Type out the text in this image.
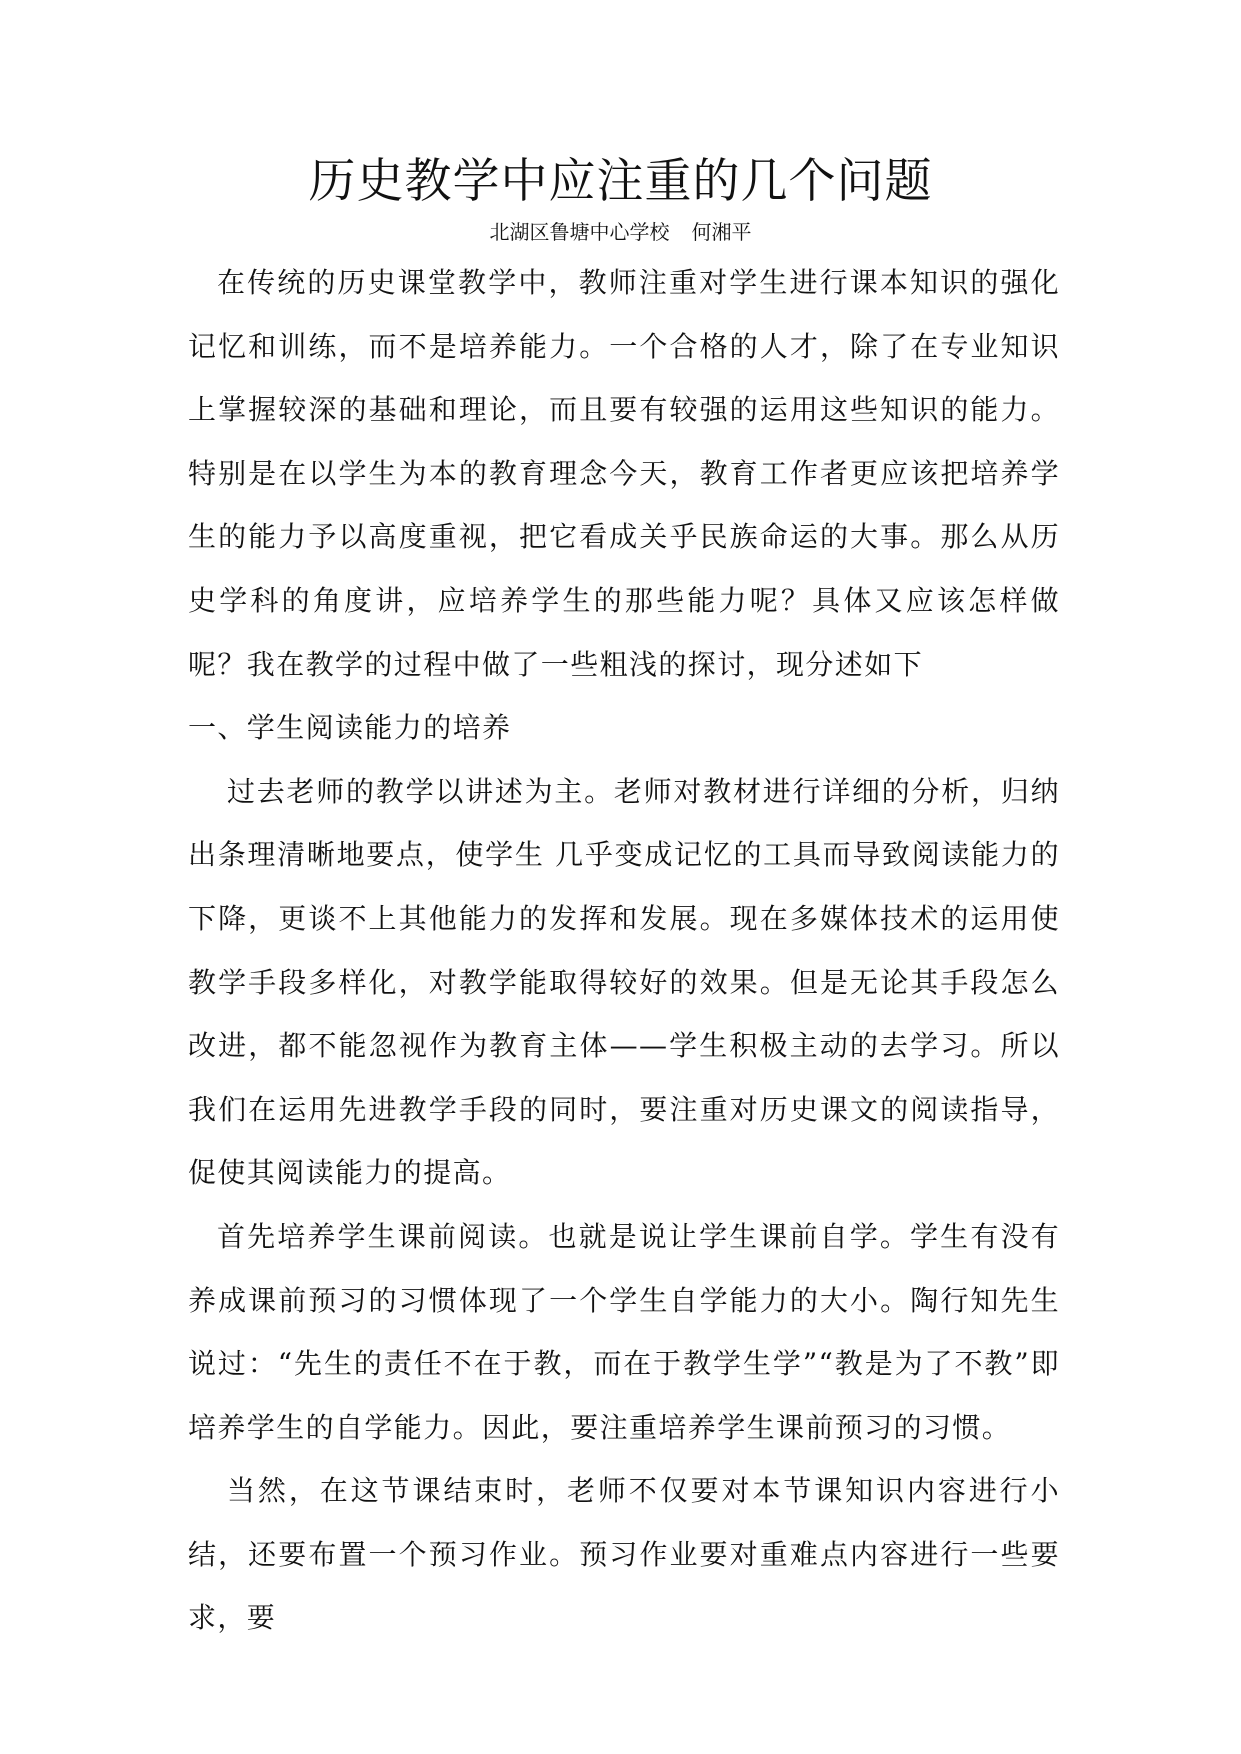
历史教学中应注重的几个问题
北湖区鲁塘中心学校 何湘平

在传统的历史课堂教学中，教师注重对学生进行课本知识的强化记忆和训练，而不是培养能力。一个合格的人才，除了在专业知识上掌握较深的基础和理论，而且要有较强的运用这些知识的能力。特别是在以学生为本的教育理念今天，教育工作者更应该把培养学生的能力予以高度重视，把它看成关乎民族命运的大事。那么从历史学科的角度讲，应培养学生的那些能力呢？具体又应该怎样做呢？我在教学的过程中做了一些粗浅的探讨，现分述如下

一、学生阅读能力的培养

过去老师的教学以讲述为主。老师对教材进行详细的分析，归纳出条理清晰地要点，使学生 几乎变成记忆的工具而导致阅读能力的下降，更谈不上其他能力的发挥和发展。现在多媒体技术的运用使教学手段多样化，对教学能取得较好的效果。但是无论其手段怎么改进，都不能忽视作为教育主体——学生积极主动的去学习。所以我们在运用先进教学手段的同时，要注重对历史课文的阅读指导，促使其阅读能力的提高。

首先培养学生课前阅读。也就是说让学生课前自学。学生有没有养成课前预习的习惯体现了一个学生自学能力的大小。陶行知先生说过：“先生的责任不在于教，而在于教学生学”“教是为了不教”即培养学生的自学能力。因此，要注重培养学生课前预习的习惯。

当然，在这节课结束时，老师不仅要对本节课知识内容进行小结，还要布置一个预习作业。预习作业要对重难点内容进行一些要求，要
